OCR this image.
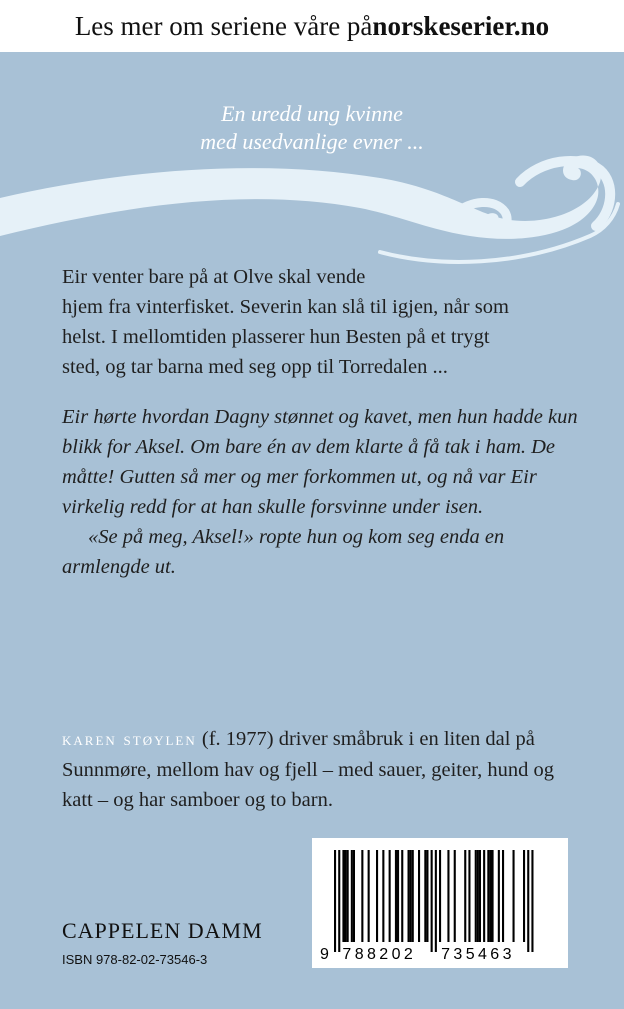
Les mer om seriene våre på norskeserier.no
En uredd ung kvinne
med usedvanlige evner ...

Eir venter bare på at Olve skal vende

hjem fra vinterfisket. Severin kan slå til igjen, når som

helst. I mellomtiden plasserer hun Besten på et trygt

sted, og tar barna med seg opp til Torredalen ...

Eir hørte hvordan Dagny stønnet og kavet, men hun hadde kun blikk for Aksel. Om bare én av dem klarte å få tak i ham. De måtte! Gutten så mer og mer forkommen ut, og nå var Eir virkelig redd for at han skulle forsvinne under isen.

«Se på meg, Aksel!» ropte hun og kom seg enda en armlengde ut.

karen støylen (f. 1977) driver småbruk i en liten dal på Sunnmøre, mellom hav og fjell – med sauer, geiter, hund og katt – og har samboer og to barn.
9 788202 735463
CAPPELEN DAMM
ISBN 978-82-02-73546-3
